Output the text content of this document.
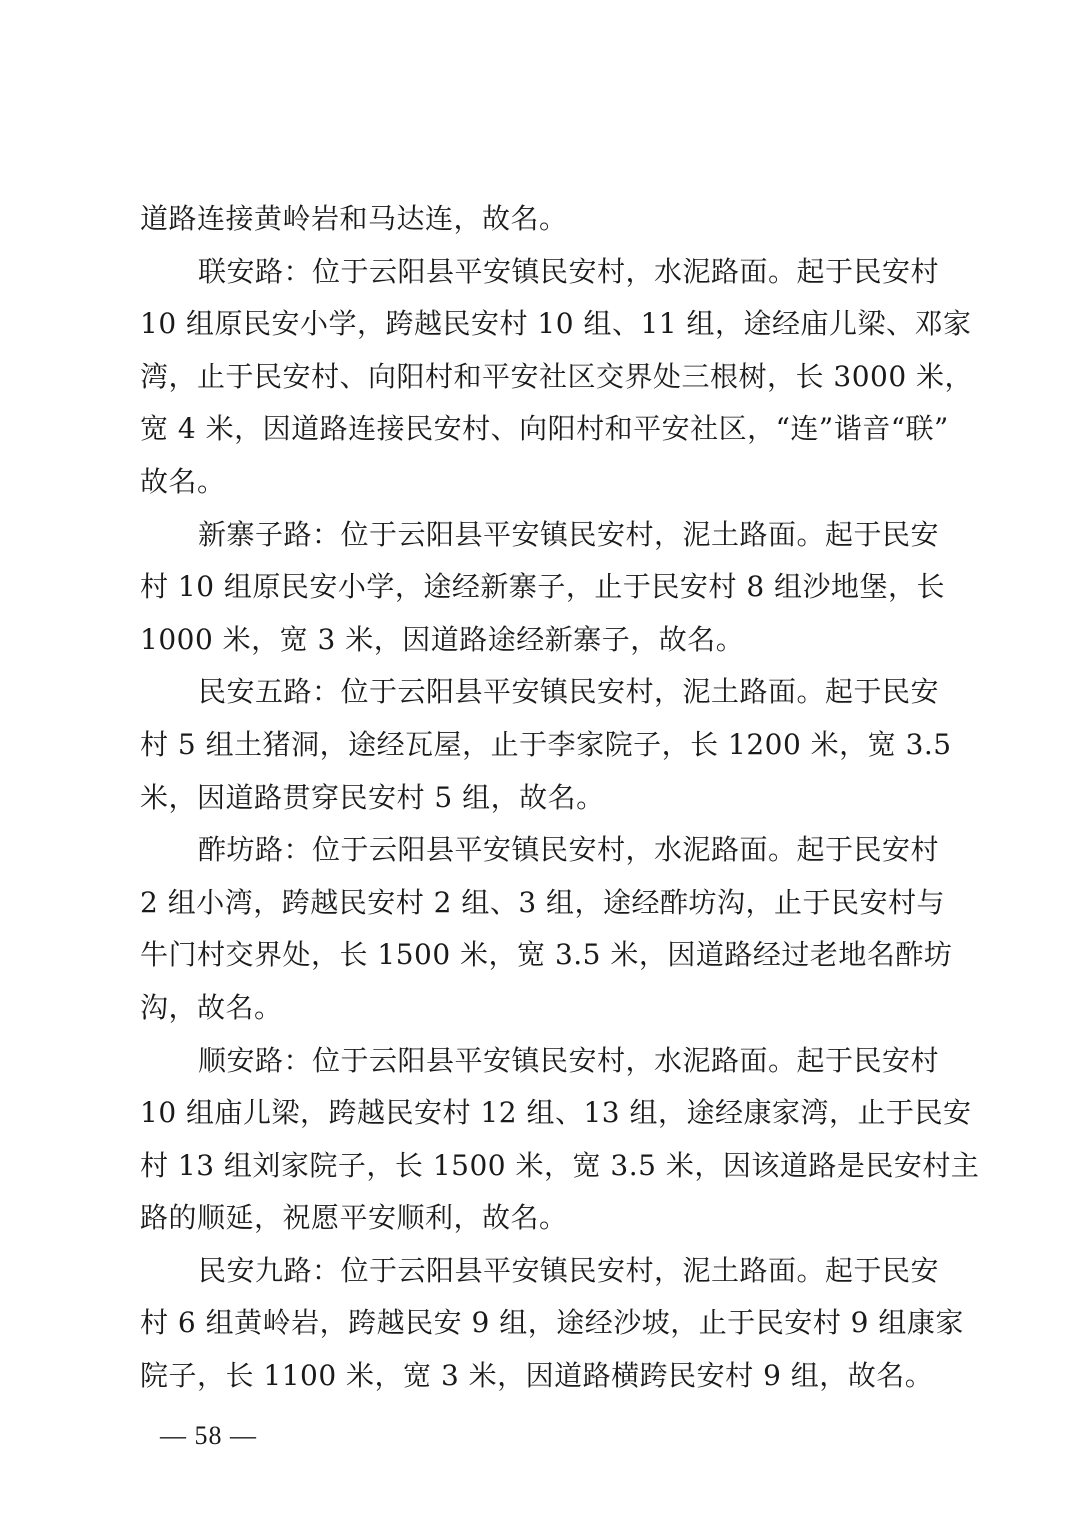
道路连接黄岭岩和马达连，故名。
联安路：位于云阳县平安镇民安村，水泥路面。起于民安村
10 组原民安小学，跨越民安村 10 组、11 组，途经庙儿梁、邓家
湾，止于民安村、向阳村和平安社区交界处三根树，长 3000 米，
宽 4 米，因道路连接民安村、向阳村和平安社区，“连”谐音“联”
故名。
新寨子路：位于云阳县平安镇民安村，泥土路面。起于民安
村 10 组原民安小学，途经新寨子，止于民安村 8 组沙地堡，长
1000 米，宽 3 米，因道路途经新寨子，故名。
民安五路：位于云阳县平安镇民安村，泥土路面。起于民安
村 5 组土猪洞，途经瓦屋，止于李家院子，长 1200 米，宽 3.5
米，因道路贯穿民安村 5 组，故名。
酢坊路：位于云阳县平安镇民安村，水泥路面。起于民安村
2 组小湾，跨越民安村 2 组、3 组，途经酢坊沟，止于民安村与
牛门村交界处，长 1500 米，宽 3.5 米，因道路经过老地名酢坊
沟，故名。
顺安路：位于云阳县平安镇民安村，水泥路面。起于民安村
10 组庙儿梁，跨越民安村 12 组、13 组，途经康家湾，止于民安
村 13 组刘家院子，长 1500 米，宽 3.5 米，因该道路是民安村主
路的顺延，祝愿平安顺利，故名。
民安九路：位于云阳县平安镇民安村，泥土路面。起于民安
村 6 组黄岭岩，跨越民安 9 组，途经沙坡，止于民安村 9 组康家
院子，长 1100 米，宽 3 米，因道路横跨民安村 9 组，故名。
— 58 —
